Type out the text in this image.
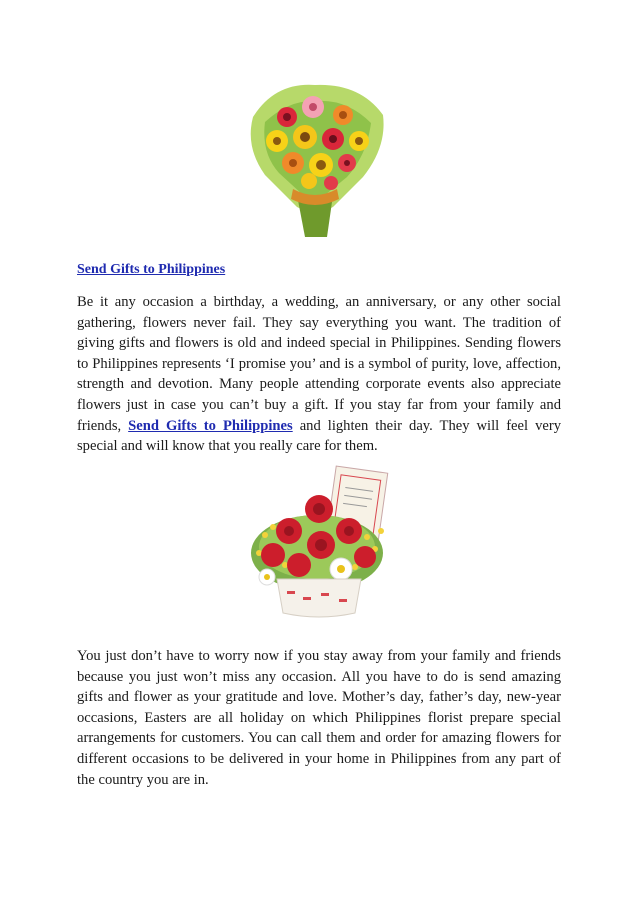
Send Gifts to Philippines

Be it any occasion a birthday, a wedding, an anniversary, or any other social gathering, flowers never fail. They say everything you want. The tradition of giving gifts and flowers is old and indeed special in Philippines. Sending flowers to Philippines represents ‘I promise you’ and is a symbol of purity, love, affection, strength and devotion. Many people attending corporate events also appreciate flowers just in case you can’t buy a gift. If you stay far from your family and friends, Send Gifts to Philippines and lighten their day. They will feel very special and will know that you really care for them.

You just don’t have to worry now if you stay away from your family and friends because you just won’t miss any occasion. All you have to do is send amazing gifts and flower as your gratitude and love. Mother’s day, father’s day, new-year occasions, Easters are all holiday on which Philippines florist prepare special arrangements for customers. You can call them and order for amazing flowers for different occasions to be delivered in your home in Philippines from any part of the country you are in.
